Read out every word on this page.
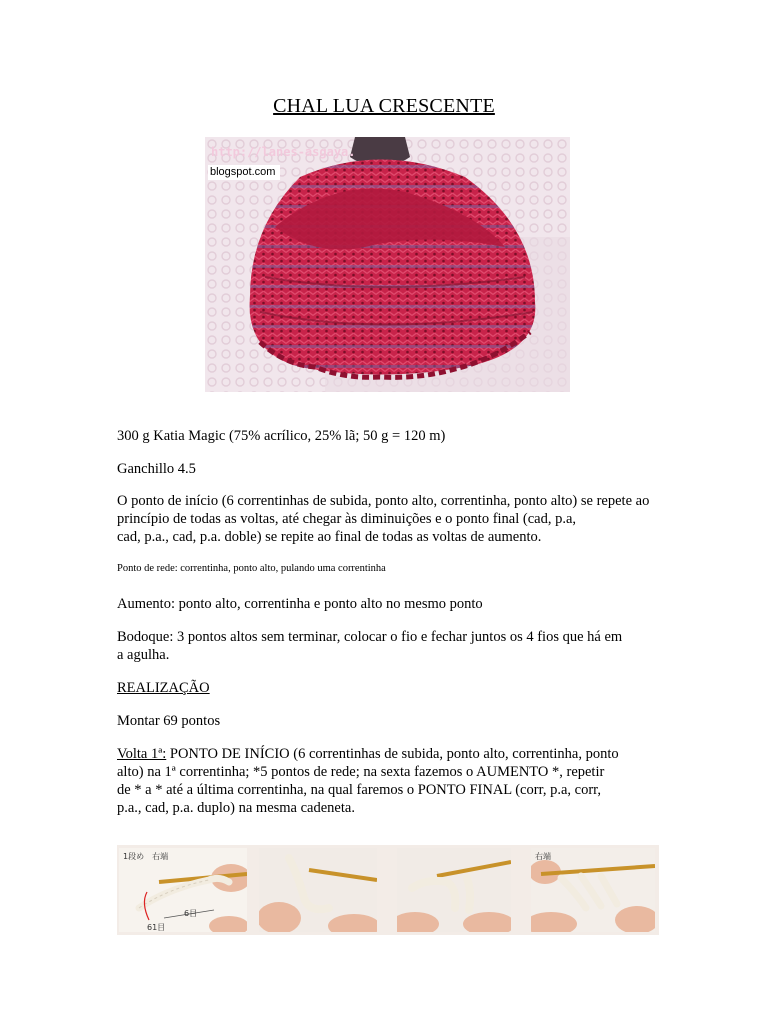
CHAL LUA CRESCENTE
http://lanes-asgaya.
blogspot.com
300 g Katia Magic (75% acrílico, 25% lã; 50 g = 120 m)
Ganchillo 4.5
O ponto de início (6 correntinhas de subida, ponto alto, correntinha, ponto alto) se repete ao
princípio de todas as voltas, até chegar às diminuições e o ponto final (cad, p.a,
cad, p.a., cad, p.a. doble) se repite ao final de todas as voltas de aumento.
Ponto de rede: correntinha, ponto alto, pulando uma correntinha
Aumento: ponto alto, correntinha e ponto alto no mesmo ponto
Bodoque: 3 pontos altos sem terminar, colocar o fio e fechar juntos os 4 fios que há em
a agulha.
REALIZAÇÃO
Montar 69 pontos
Volta 1ª: PONTO DE INÍCIO (6 correntinhas de subida, ponto alto, correntinha, ponto
alto) na 1ª correntinha; *5 pontos de rede; na sexta fazemos o AUMENTO *, repetir
de * a * até a última correntinha, na qual faremos o PONTO FINAL (corr, p.a, corr,
p.a., cad, p.a. duplo) na mesma cadeneta.
1段め　右端
6目
61目
右端
